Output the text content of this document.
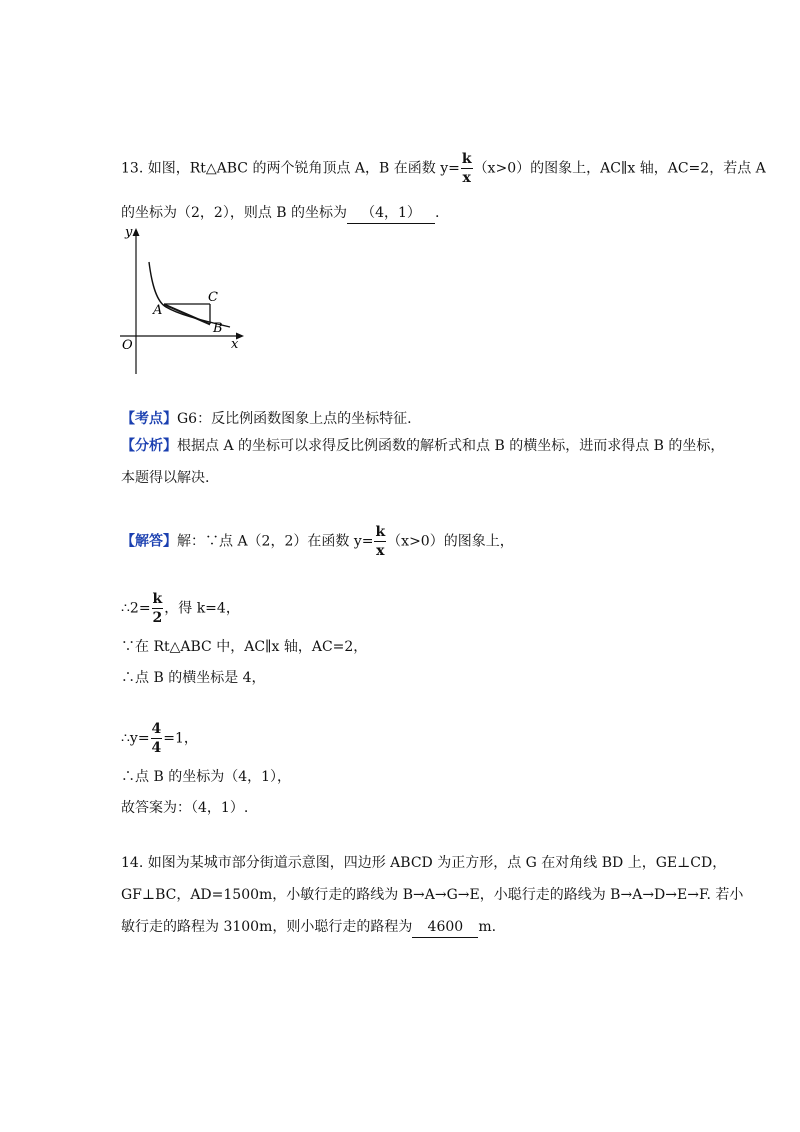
13. 如图，Rt△ABC 的两个锐角顶点 A，B 在函数 $y= \frac{k}{x} (x>0)$的图象上，AC∥x 轴，AC=2，若点 A
的坐标为（2，2），则点 B 的坐标为 （4，1） .
y
x
O
A
B
C
【考点】G6：反比例函数图象上点的坐标特征.
【分析】根据点 A 的坐标可以求得反比例函数的解析式和点 B 的横坐标，进而求得点 B 的坐标，
本题得以解决.
【解答】解：∵点 A（2，2）在函数 $y= \frac{k}{x} (x>0)$的图象上，
∴2= $\frac{k}{2}$ ，得 k=4，
∵在 Rt△ABC 中，AC∥x 轴，AC=2，
∴点 B 的横坐标是 4，
∴y= $\frac{4}{4} =1$，
∴点 B 的坐标为（4，1），
故答案为：（4，1）.
14. 如图为某城市部分街道示意图，四边形 ABCD 为正方形，点 G 在对角线 BD 上，GE⊥CD，
GF⊥BC，AD=1500m，小敏行走的路线为 B→A→G→E，小聪行走的路线为 B→A→D→E→F. 若小
敏行走的路程为 3100m，则小聪行走的路程为 4600 m.
